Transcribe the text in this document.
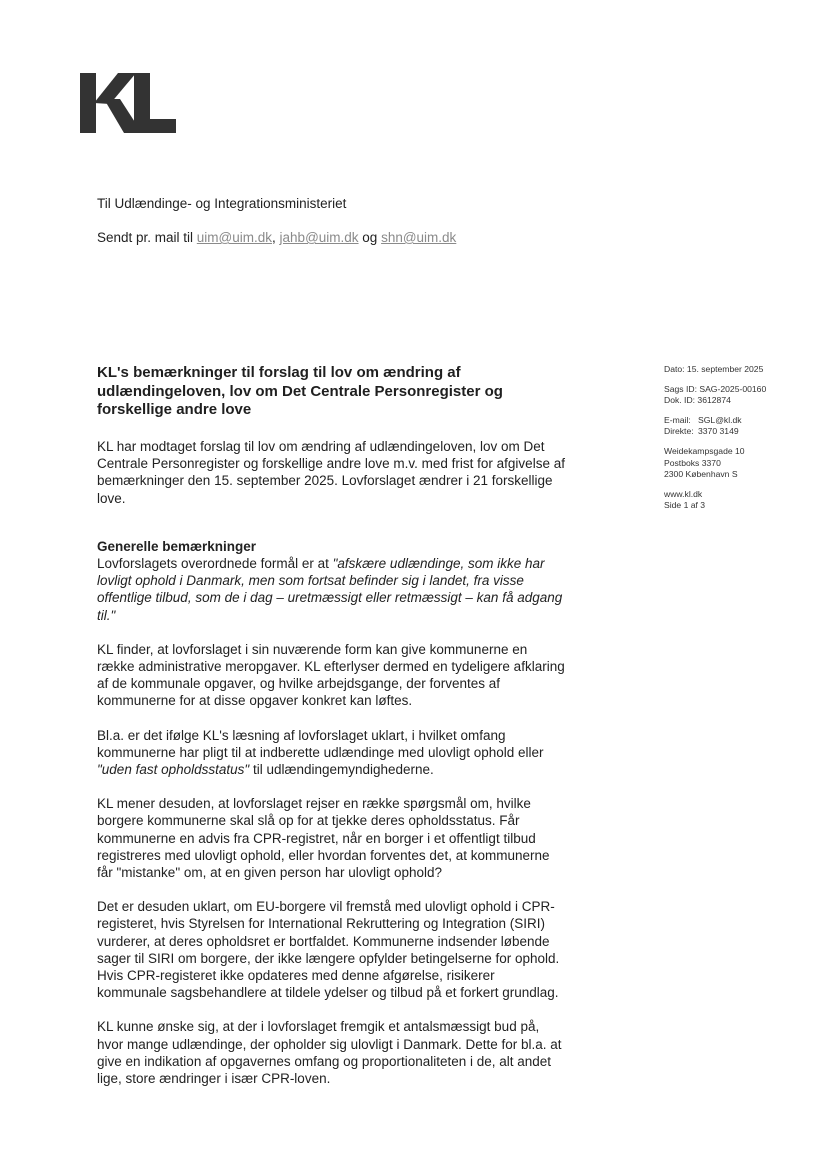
Til Udlændinge- og Integrationsministeriet
Sendt pr. mail til uim@uim.dk, jahb@uim.dk og shn@uim.dk
KL's bemærkninger til forslag til lov om ændring af udlændingeloven, lov om Det Centrale Personregister og forskellige andre love
Dato: 15. september 2025
Sags ID: SAG-2025-00160
Dok. ID: 3612874
E-mail: SGL@kl.dk
Direkte: 3370 3149
Weidekampsgade 10
Postboks 3370
2300 København S
www.kl.dk
Side 1 af 3

KL har modtaget forslag til lov om ændring af udlændingeloven, lov om Det Centrale Personregister og forskellige andre love m.v. med frist for afgivelse af bemærkninger den 15. september 2025. Lovforslaget ændrer i 21 forskellige love.

Generelle bemærkninger

Lovforslagets overordnede formål er at "afskære udlændinge, som ikke har lovligt ophold i Danmark, men som fortsat befinder sig i landet, fra visse offentlige tilbud, som de i dag – uretmæssigt eller retmæssigt – kan få adgang til."

KL finder, at lovforslaget i sin nuværende form kan give kommunerne en række administrative meropgaver. KL efterlyser dermed en tydeligere afklaring af de kommunale opgaver, og hvilke arbejdsgange, der forventes af kommunerne for at disse opgaver konkret kan løftes.

Bl.a. er det ifølge KL's læsning af lovforslaget uklart, i hvilket omfang kommunerne har pligt til at indberette udlændinge med ulovligt ophold eller "uden fast opholdsstatus" til udlændingemyndighederne.

KL mener desuden, at lovforslaget rejser en række spørgsmål om, hvilke borgere kommunerne skal slå op for at tjekke deres opholdsstatus. Får kommunerne en advis fra CPR-registret, når en borger i et offentligt tilbud registreres med ulovligt ophold, eller hvordan forventes det, at kommunerne får "mistanke" om, at en given person har ulovligt ophold?

Det er desuden uklart, om EU-borgere vil fremstå med ulovligt ophold i CPR-registeret, hvis Styrelsen for International Rekruttering og Integration (SIRI) vurderer, at deres opholdsret er bortfaldet. Kommunerne indsender løbende sager til SIRI om borgere, der ikke længere opfylder betingelserne for ophold. Hvis CPR-registeret ikke opdateres med denne afgørelse, risikerer kommunale sagsbehandlere at tildele ydelser og tilbud på et forkert grundlag.

KL kunne ønske sig, at der i lovforslaget fremgik et antalsmæssigt bud på, hvor mange udlændinge, der opholder sig ulovligt i Danmark. Dette for bl.a. at give en indikation af opgavernes omfang og proportionaliteten i de, alt andet lige, store ændringer i især CPR-loven.
